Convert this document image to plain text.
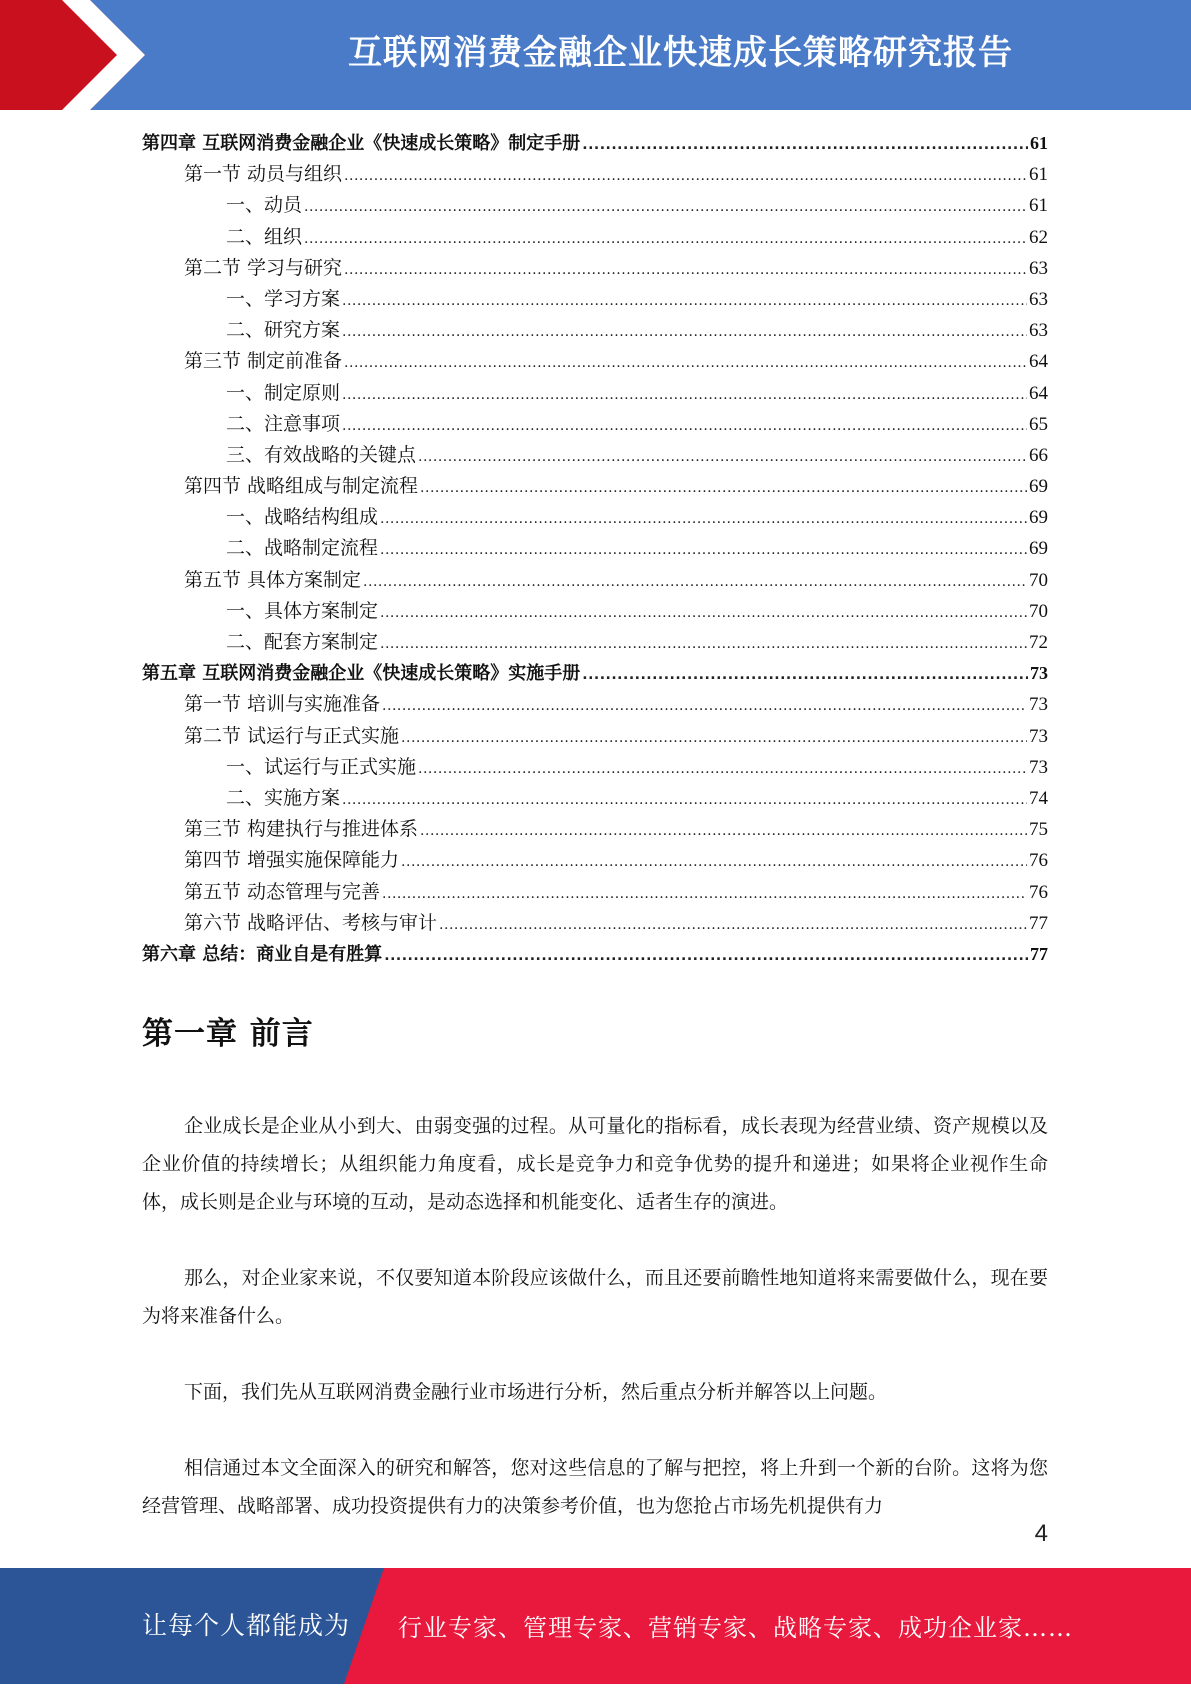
互联网消费金融企业快速成长策略研究报告
第四章 互联网消费金融企业《快速成长策略》制定手册 .....	61
第一节 动员与组织 .....	61
一、动员 .....	61
二、组织 .....	62
第二节 学习与研究 .....	63
一、学习方案 .....	63
二、研究方案 .....	63
第三节 制定前准备 .....	64
一、制定原则 .....	64
二、注意事项 .....	65
三、有效战略的关键点 .....	66
第四节 战略组成与制定流程 .....	69
一、战略结构组成 .....	69
二、战略制定流程 .....	69
第五节 具体方案制定 .....	70
一、具体方案制定 .....	70
二、配套方案制定 .....	72
第五章 互联网消费金融企业《快速成长策略》实施手册 .....	73
第一节 培训与实施准备 .....	73
第二节 试运行与正式实施 .....	73
一、试运行与正式实施 .....	73
二、实施方案 .....	74
第三节 构建执行与推进体系 .....	75
第四节 增强实施保障能力 .....	76
第五节 动态管理与完善 .....	76
第六节 战略评估、考核与审计 .....	77
第六章 总结：商业自是有胜算 .....	77
第一章 前言

企业成长是企业从小到大、由弱变强的过程。从可量化的指标看，成长表现为经营业绩、资产规模以及企业价值的持续增长；从组织能力角度看，成长是竞争力和竞争优势的提升和递进；如果将企业视作生命体，成长则是企业与环境的互动，是动态选择和机能变化、适者生存的演进。

那么，对企业家来说，不仅要知道本阶段应该做什么，而且还要前瞻性地知道将来需要做什么，现在要为将来准备什么。

下面，我们先从互联网消费金融行业市场进行分析，然后重点分析并解答以上问题。

相信通过本文全面深入的研究和解答，您对这些信息的了解与把控，将上升到一个新的台阶。这将为您经营管理、战略部署、成功投资提供有力的决策参考价值，也为您抢占市场先机提供有力

4
让每个人都能成为 行业专家、管理专家、营销专家、战略专家、成功企业家……
